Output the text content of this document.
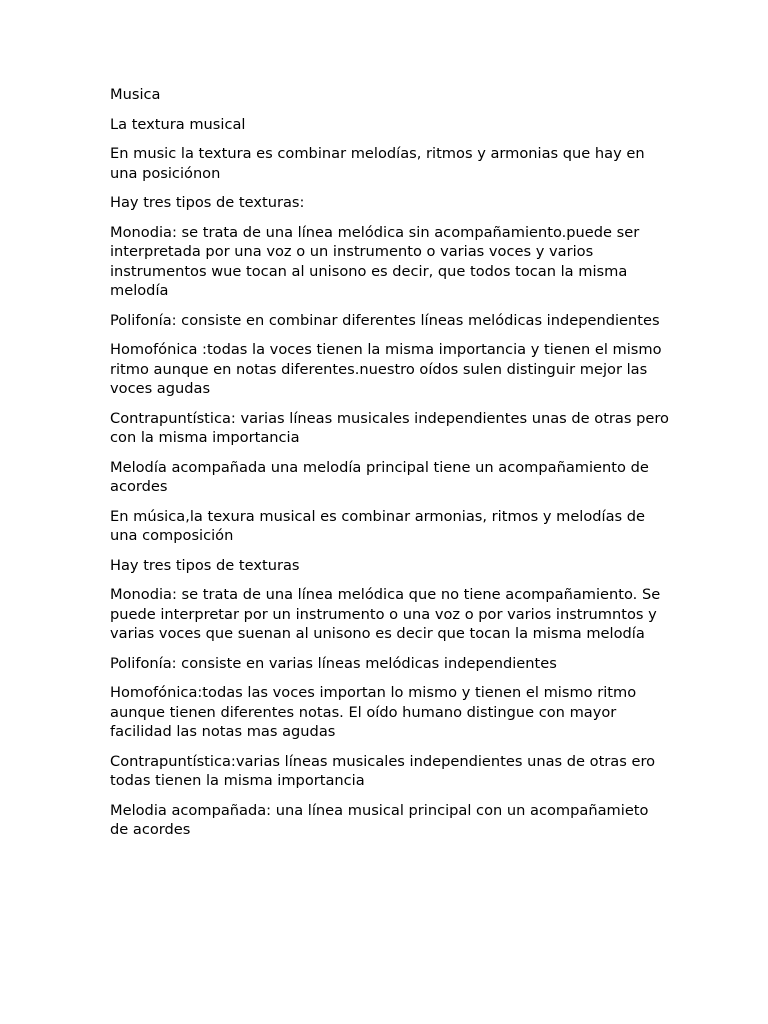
Musica

La textura musical

En music la textura es combinar melodías, ritmos y armonias que hay en una posiciónon

Hay tres tipos de texturas:

Monodia: se trata de una línea melódica sin acompañamiento.puede ser interpretada por una voz o un instrumento o varias voces y varios instrumentos wue tocan al unisono es decir, que todos tocan la misma melodía

Polifonía: consiste en combinar diferentes líneas melódicas independientes

Homofónica :todas la voces tienen la misma importancia y tienen el mismo ritmo aunque en notas diferentes.nuestro oídos sulen distinguir mejor las voces agudas

Contrapuntística: varias líneas musicales independientes unas de otras pero con la misma importancia

Melodía acompañada una melodía principal tiene un acompañamiento de acordes

En música,la texura musical es combinar armonias, ritmos y melodías de una composición

Hay tres tipos de texturas

Monodia: se trata de una línea melódica que no tiene acompañamiento. Se puede interpretar por un instrumento o una voz o por varios instrumntos y varias voces que suenan al unisono es decir que tocan la misma melodía

Polifonía: consiste en varias líneas melódicas independientes

Homofónica:todas las voces importan lo mismo y tienen el mismo ritmo aunque tienen diferentes notas. El oído humano distingue con mayor facilidad las notas mas agudas

Contrapuntística:varias líneas musicales independientes unas de otras ero todas tienen la misma importancia

Melodia acompañada: una línea musical principal con un acompañamieto de acordes
